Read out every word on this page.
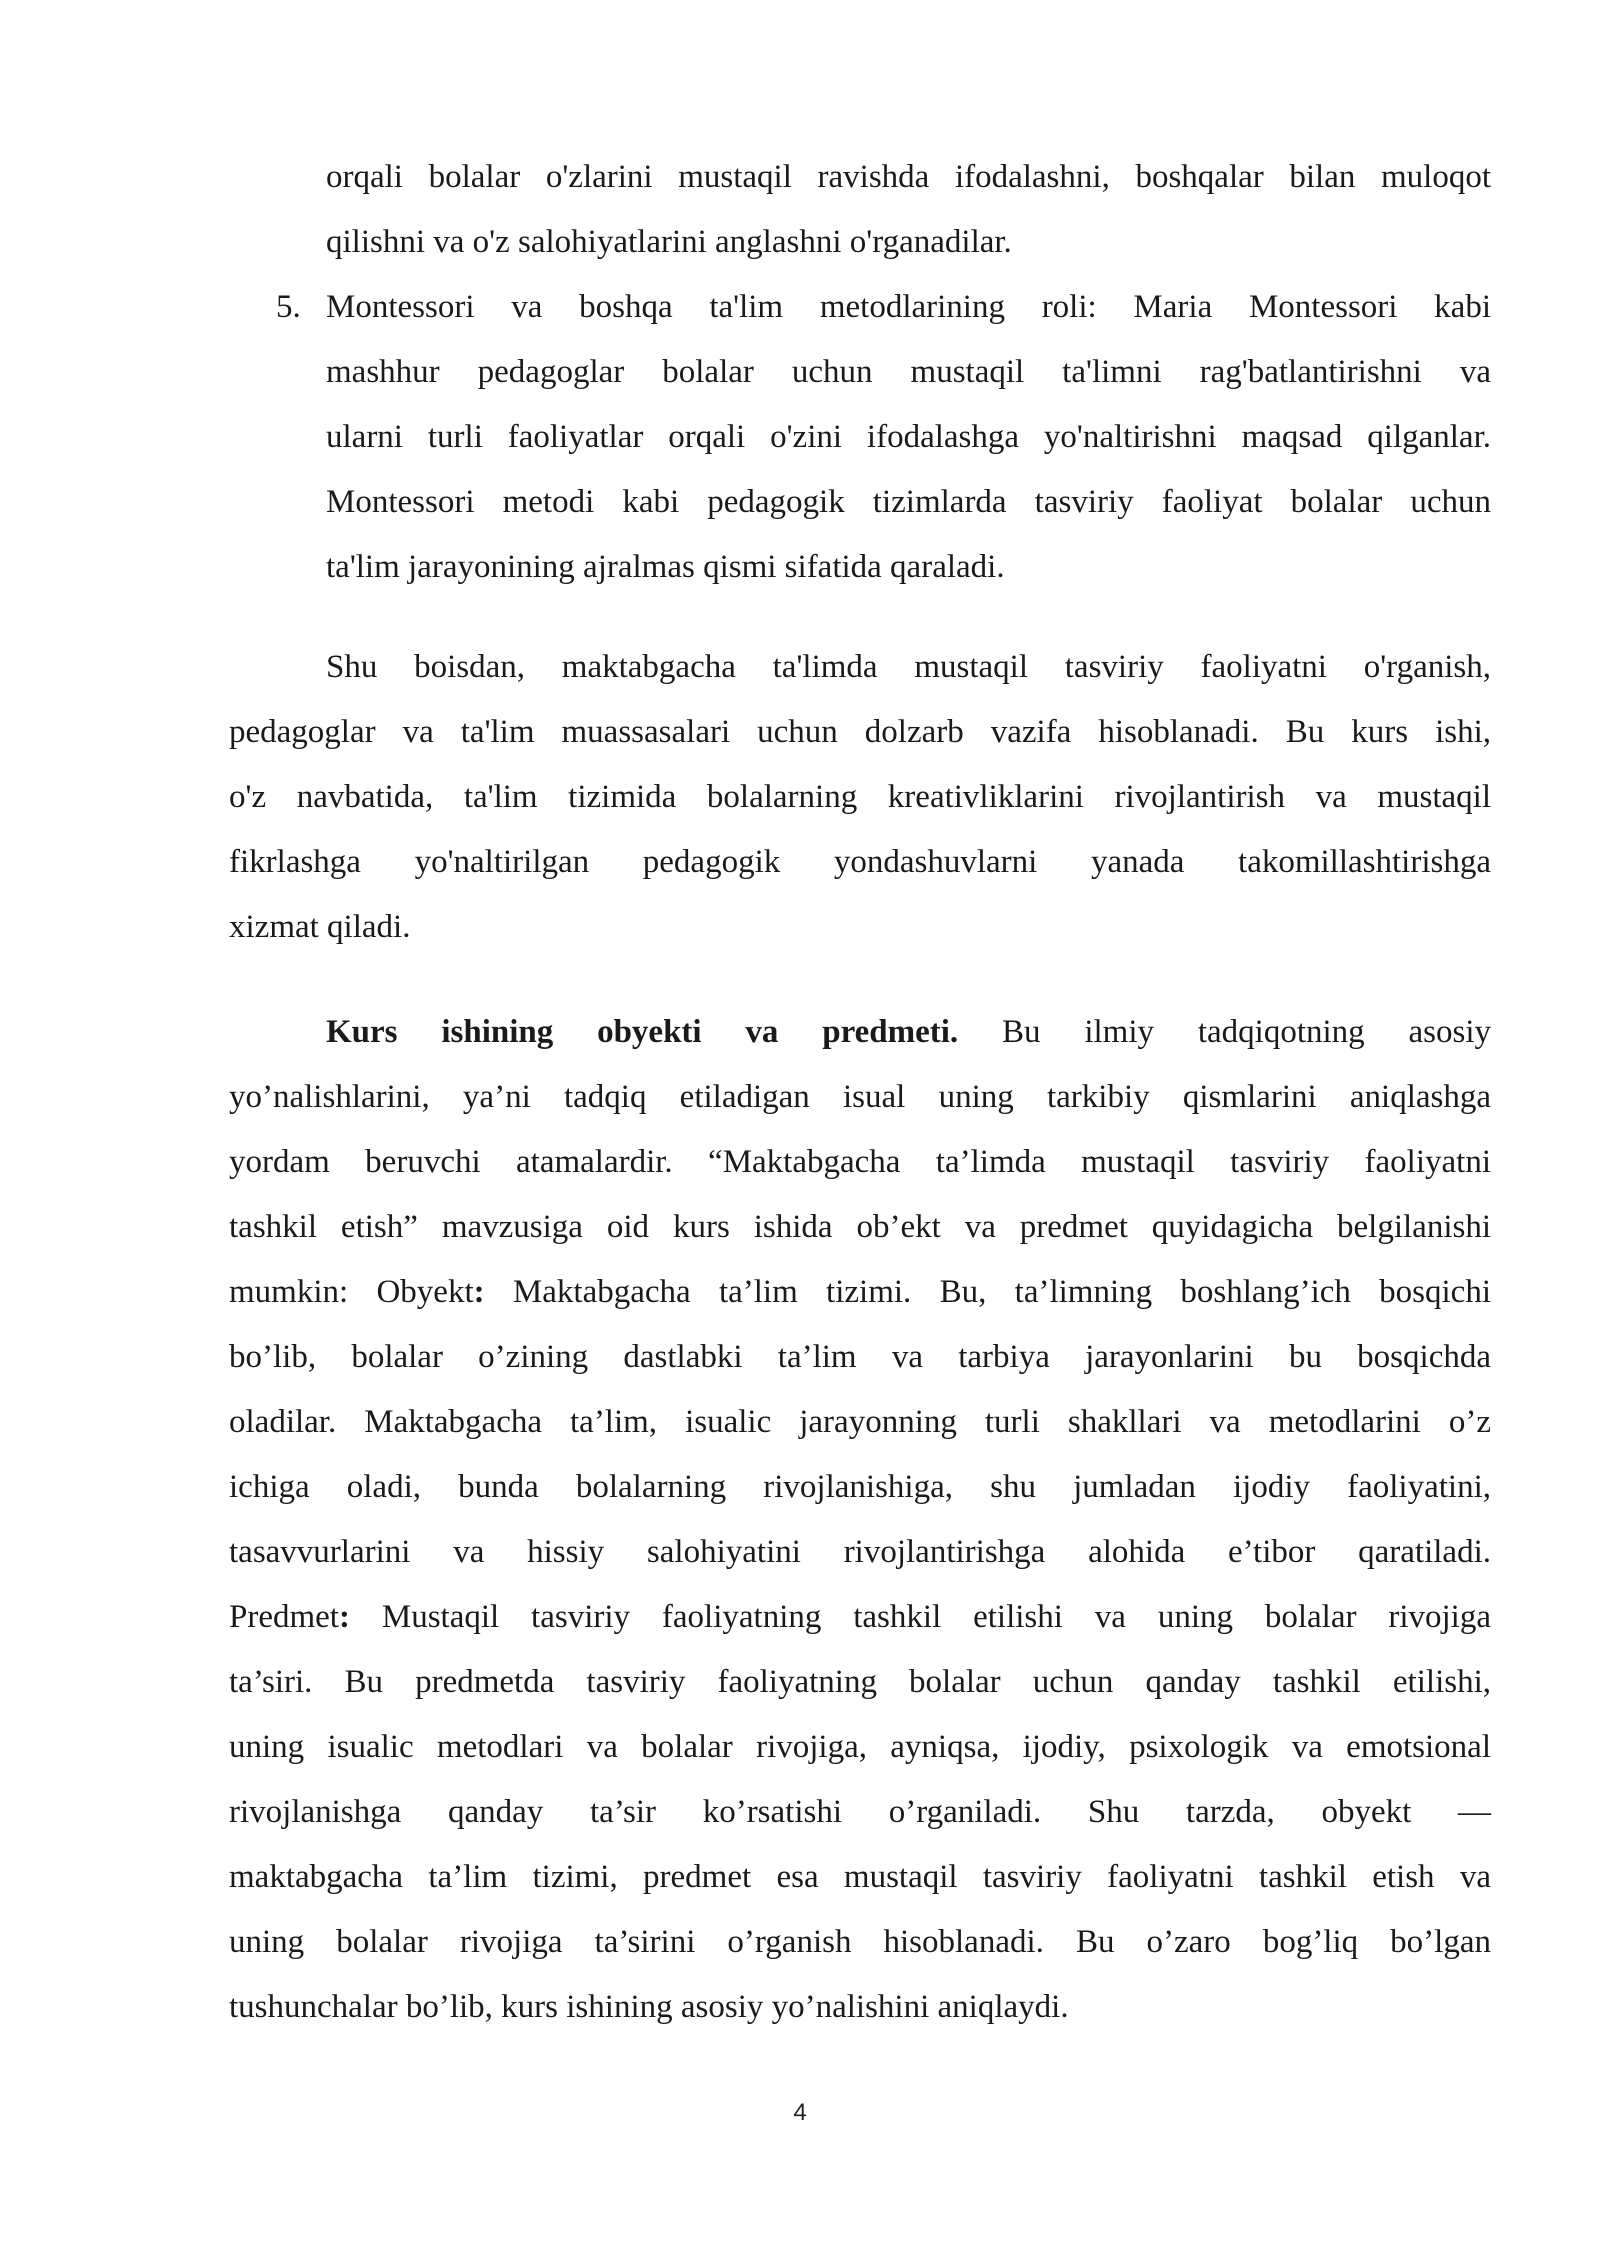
orqali bolalar o'zlarini mustaqil ravishda ifodalashni, boshqalar bilan muloqot

qilishni va o'z salohiyatlarini anglashni o'rganadilar.

5. Montessori va boshqa ta'lim metodlarining roli: Maria Montessori kabi

mashhur pedagoglar bolalar uchun mustaqil ta'limni rag'batlantirishni va

ularni turli faoliyatlar orqali o'zini ifodalashga yo'naltirishni maqsad qilganlar.

Montessori metodi kabi pedagogik tizimlarda tasviriy faoliyat bolalar uchun

ta'lim jarayonining ajralmas qismi sifatida qaraladi.

Shu boisdan, maktabgacha ta'limda mustaqil tasviriy faoliyatni o'rganish,

pedagoglar va ta'lim muassasalari uchun dolzarb vazifa hisoblanadi. Bu kurs ishi,

o'z navbatida, ta'lim tizimida bolalarning kreativliklarini rivojlantirish va mustaqil

fikrlashga yo'naltirilgan pedagogik yondashuvlarni yanada takomillashtirishga

xizmat qiladi.

Kurs ishining obyekti va predmeti. Bu ilmiy tadqiqotning asosiy

yo’nalishlarini, ya’ni tadqiq etiladigan isual uning tarkibiy qismlarini aniqlashga

yordam beruvchi atamalardir. “Maktabgacha ta’limda mustaqil tasviriy faoliyatni

tashkil etish” mavzusiga oid kurs ishida ob’ekt va predmet quyidagicha belgilanishi

mumkin: Obyekt: Maktabgacha ta’lim tizimi. Bu, ta’limning boshlang’ich bosqichi

bo’lib, bolalar o’zining dastlabki ta’lim va tarbiya jarayonlarini bu bosqichda

oladilar. Maktabgacha ta’lim, isualic jarayonning turli shakllari va metodlarini o’z

ichiga oladi, bunda bolalarning rivojlanishiga, shu jumladan ijodiy faoliyatini,

tasavvurlarini va hissiy salohiyatini rivojlantirishga alohida e’tibor qaratiladi.

Predmet: Mustaqil tasviriy faoliyatning tashkil etilishi va uning bolalar rivojiga

ta’siri. Bu predmetda tasviriy faoliyatning bolalar uchun qanday tashkil etilishi,

uning isualic metodlari va bolalar rivojiga, ayniqsa, ijodiy, psixologik va emotsional

rivojlanishga qanday ta’sir ko’rsatishi o’rganiladi. Shu tarzda, obyekt —

maktabgacha ta’lim tizimi, predmet esa mustaqil tasviriy faoliyatni tashkil etish va

uning bolalar rivojiga ta’sirini o’rganish hisoblanadi. Bu o’zaro bog’liq bo’lgan

tushunchalar bo’lib, kurs ishining asosiy yo’nalishini aniqlaydi.

4
